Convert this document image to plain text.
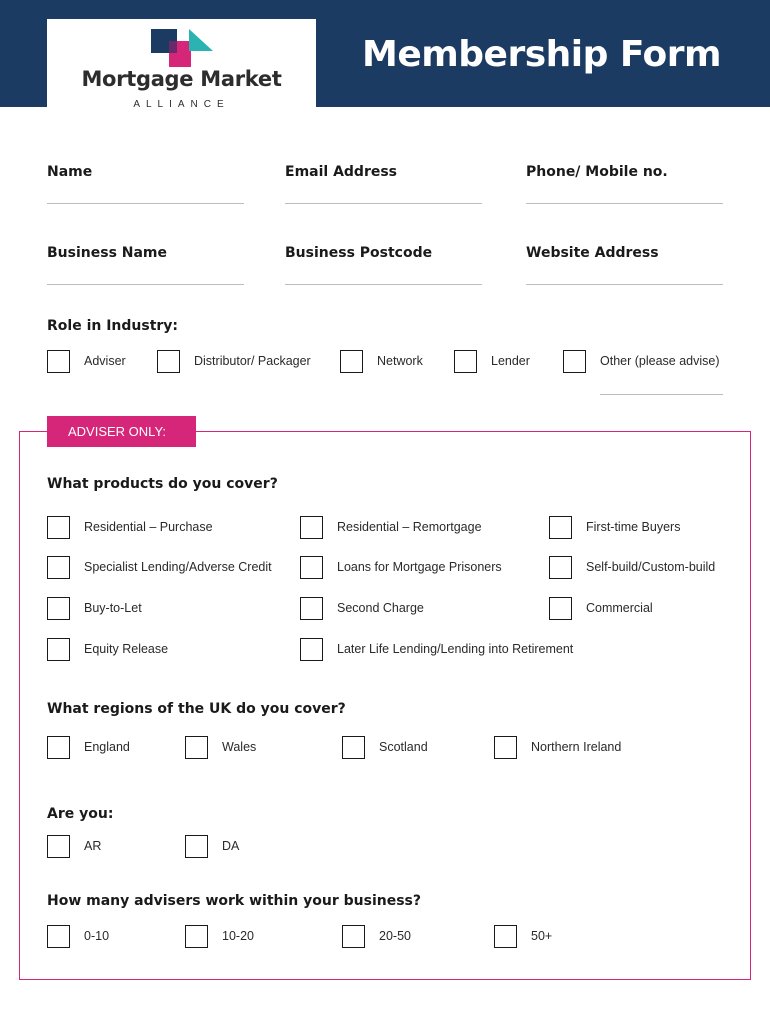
Mortgage Market
ALLIANCE
Membership Form
Name	Email Address	Phone/ Mobile no.
Business Name	Business Postcode	Website Address
Role in Industry:
Adviser	Distributor/ Packager	Network	Lender	Other (please advise)
ADVISER ONLY:
What products do you cover?
Residential – Purchase	Residential – Remortgage	First-time Buyers
Specialist Lending/Adverse Credit	Loans for Mortgage Prisoners	Self-build/Custom-build
Buy-to-Let	Second Charge	Commercial
Equity Release	Later Life Lending/Lending into Retirement
What regions of the UK do you cover?
England	Wales	Scotland	Northern Ireland
Are you:
AR	DA
How many advisers work within your business?
0-10	10-20	20-50	50+
